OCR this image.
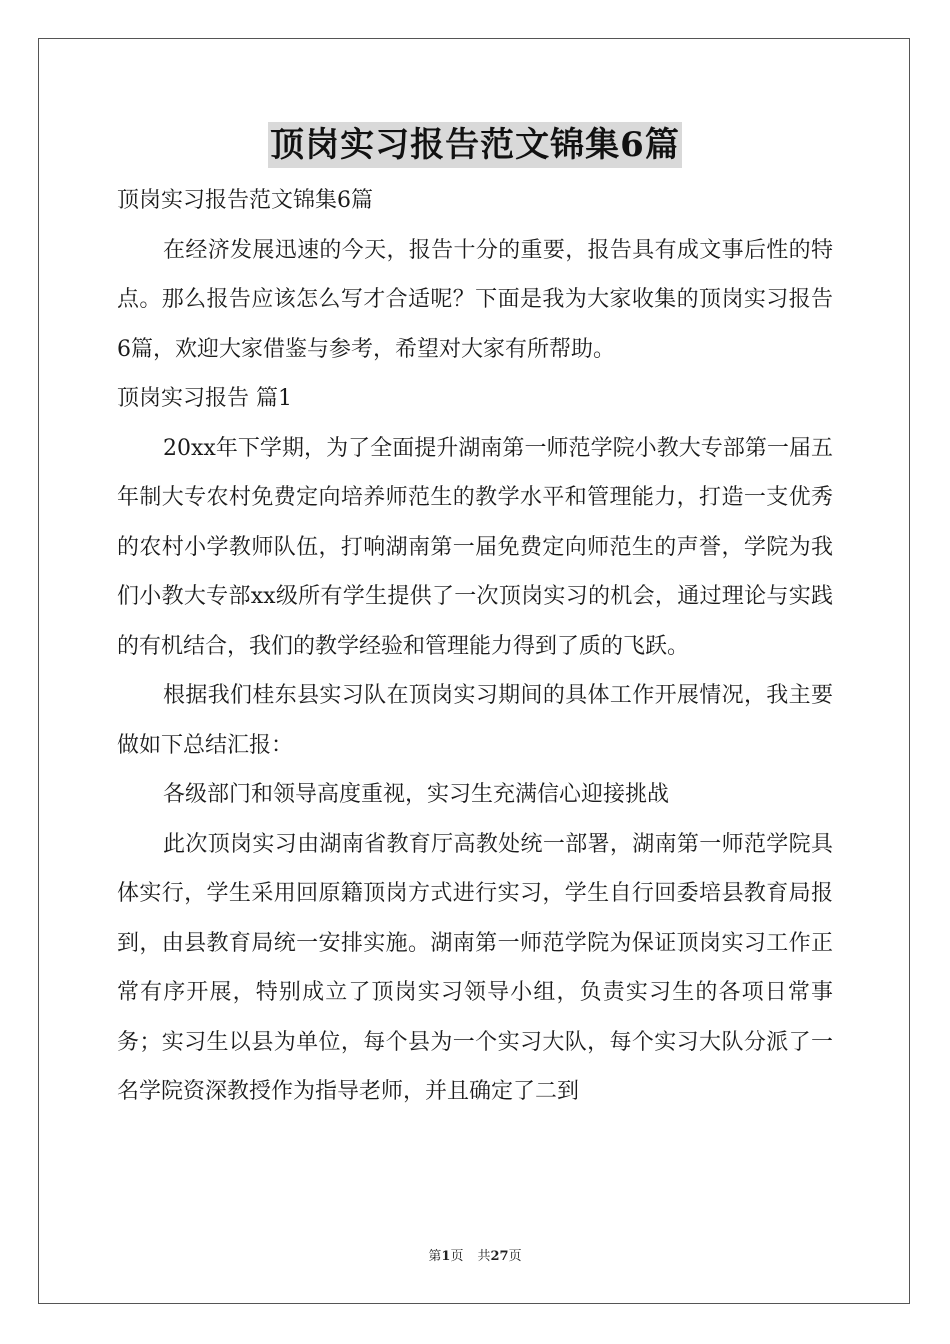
顶岗实习报告范文锦集6篇

顶岗实习报告范文锦集6篇

在经济发展迅速的今天，报告十分的重要，报告具有成文事后性的特点。那么报告应该怎么写才合适呢？下面是我为大家收集的顶岗实习报告6篇，欢迎大家借鉴与参考，希望对大家有所帮助。

顶岗实习报告 篇1

20xx年下学期，为了全面提升湖南第一师范学院小教大专部第一届五年制大专农村免费定向培养师范生的教学水平和管理能力，打造一支优秀的农村小学教师队伍，打响湖南第一届免费定向师范生的声誉，学院为我们小教大专部xx级所有学生提供了一次顶岗实习的机会，通过理论与实践的有机结合，我们的教学经验和管理能力得到了质的飞跃。

根据我们桂东县实习队在顶岗实习期间的具体工作开展情况，我主要做如下总结汇报：

各级部门和领导高度重视，实习生充满信心迎接挑战

此次顶岗实习由湖南省教育厅高教处统一部署，湖南第一师范学院具体实行，学生采用回原籍顶岗方式进行实习，学生自行回委培县教育局报到，由县教育局统一安排实施。湖南第一师范学院为保证顶岗实习工作正常有序开展，特别成立了顶岗实习领导小组，负责实习生的各项日常事务；实习生以县为单位，每个县为一个实习大队，每个实习大队分派了一名学院资深教授作为指导老师，并且确定了二到

第1页 共27页
